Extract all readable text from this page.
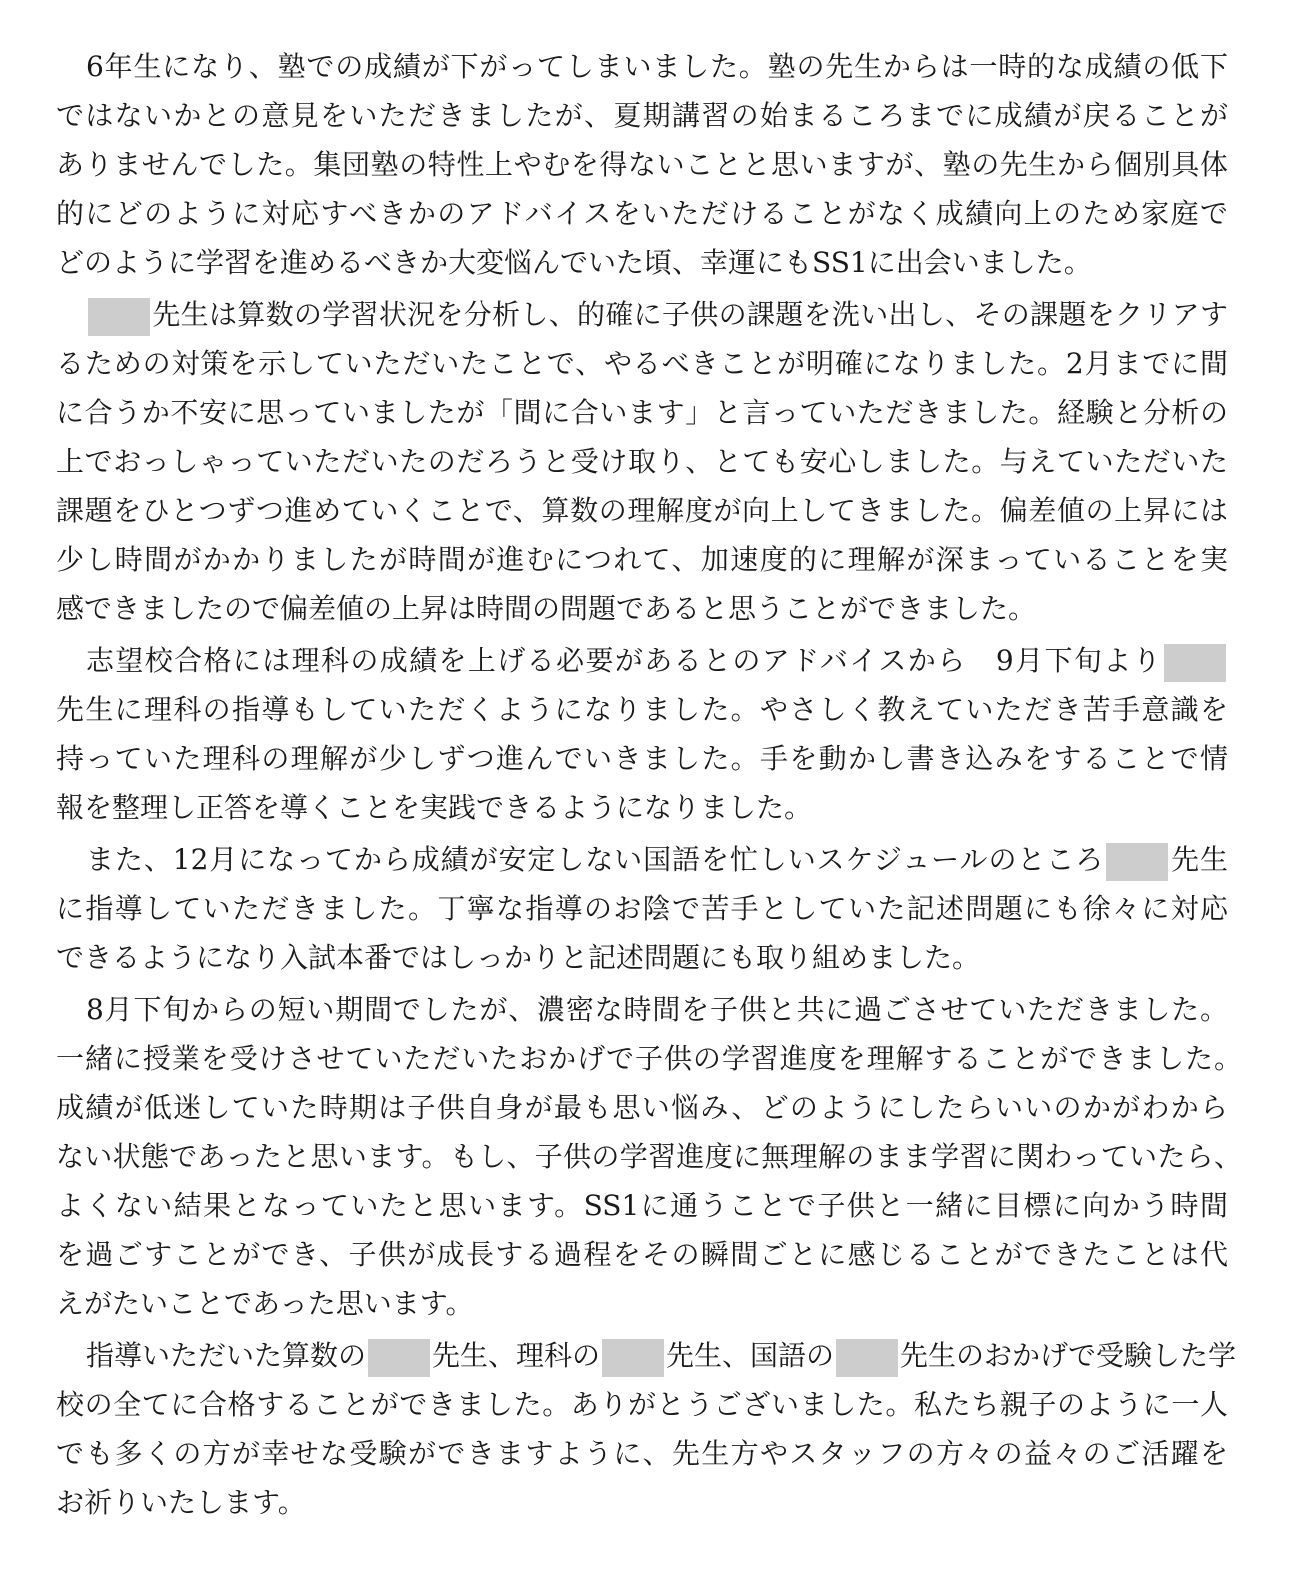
6年生になり、塾での成績が下がってしまいました。塾の先生からは一時的な成績の低下
ではないかとの意見をいただきましたが、夏期講習の始まるころまでに成績が戻ることが
ありませんでした。集団塾の特性上やむを得ないことと思いますが、塾の先生から個別具体
的にどのように対応すべきかのアドバイスをいただけることがなく成績向上のため家庭で
どのように学習を進めるべきか大変悩んでいた頃、幸運にもSS1に出会いました。
先生は算数の学習状況を分析し、的確に子供の課題を洗い出し、その課題をクリアす
るための対策を示していただいたことで、やるべきことが明確になりました。2月までに間
に合うか不安に思っていましたが「間に合います」と言っていただきました。経験と分析の
上でおっしゃっていただいたのだろうと受け取り、とても安心しました。与えていただいた
課題をひとつずつ進めていくことで、算数の理解度が向上してきました。偏差値の上昇には
少し時間がかかりましたが時間が進むにつれて、加速度的に理解が深まっていることを実
感できましたので偏差値の上昇は時間の問題であると思うことができました。
志望校合格には理科の成績を上げる必要があるとのアドバイスから　9月下旬より
先生に理科の指導もしていただくようになりました。やさしく教えていただき苦手意識を
持っていた理科の理解が少しずつ進んでいきました。手を動かし書き込みをすることで情
報を整理し正答を導くことを実践できるようになりました。
また、12月になってから成績が安定しない国語を忙しいスケジュールのところ 先生
に指導していただきました。丁寧な指導のお陰で苦手としていた記述問題にも徐々に対応
できるようになり入試本番ではしっかりと記述問題にも取り組めました。
8月下旬からの短い期間でしたが、濃密な時間を子供と共に過ごさせていただきました。
一緒に授業を受けさせていただいたおかげで子供の学習進度を理解することができました。
成績が低迷していた時期は子供自身が最も思い悩み、どのようにしたらいいのかがわから
ない状態であったと思います。もし、子供の学習進度に無理解のまま学習に関わっていたら、
よくない結果となっていたと思います。SS1に通うことで子供と一緒に目標に向かう時間
を過ごすことができ、子供が成長する過程をその瞬間ごとに感じることができたことは代
えがたいことであった思います。
指導いただいた算数の 先生、理科の 先生、国語の 先生のおかげで受験した学
校の全てに合格することができました。ありがとうございました。私たち親子のように一人
でも多くの方が幸せな受験ができますように、先生方やスタッフの方々の益々のご活躍を
お祈りいたします。
